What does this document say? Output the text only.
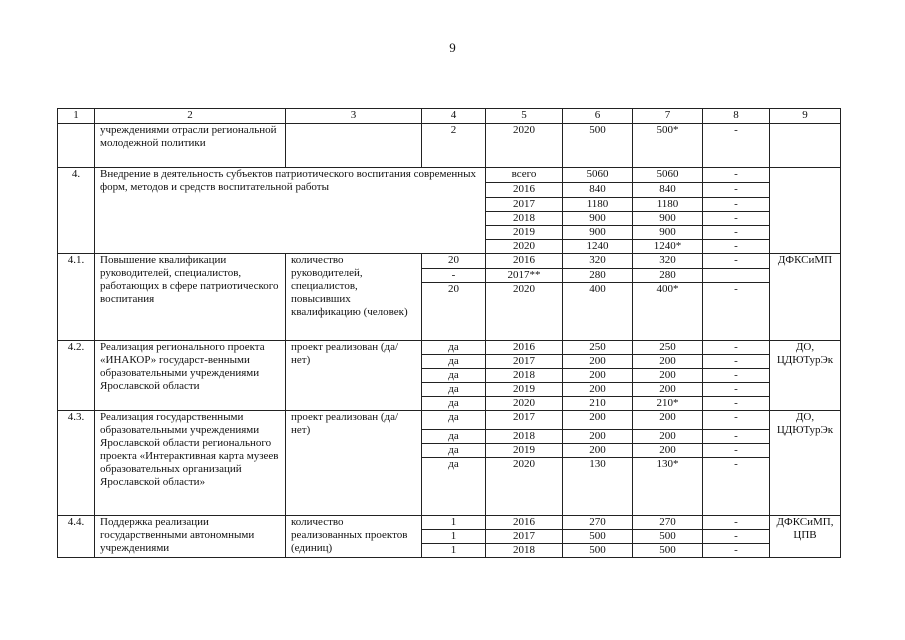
9
1	2	3	4	5	6	7	8	9
	учреждениями отрасли региональной молодежной политики		2	2020	500	500*	-	
4.	Внедрение в деятельность субъектов патриотического воспитания современных форм, методов и средств воспитательной работы			всего	5060	5060	-	
				2016	840	840	-	
				2017	1180	1180	-	
				2018	900	900	-	
				2019	900	900	-	
				2020	1240	1240*	-	
4.1.	Повышение квалификации руководителей, специалистов, работающих в сфере патриотического воспитания	количество руководителей, специалистов, повысивших квалификацию (человек)	20	2016	320	320	-	ДФКСиМП
			-	2017**	280	280		
			20	2020	400	400*	-	
4.2.	Реализация регионального проекта «ИНАКОР» государст-венными образовательными учреждениями Ярославской области	проект реализован (да/нет)	да	2016	250	250	-	ДО, ЦДЮТурЭк
			да	2017	200	200	-	
			да	2018	200	200	-	
			да	2019	200	200	-	
			да	2020	210	210*	-	
4.3.	Реализация государственными образовательными учреждениями Ярославской области регионального проекта «Интерактивная карта музеев образовательных организаций Ярославской области»	проект реализован (да/нет)	да	2017	200	200	-	ДО, ЦДЮТурЭк
			да	2018	200	200	-	
			да	2019	200	200	-	
			да	2020	130	130*	-	
4.4.	Поддержка реализации государственными автономными учреждениями	количество реализованных проектов (единиц)	1	2016	270	270	-	ДФКСиМП, ЦПВ
			1	2017	500	500	-	
			1	2018	500	500	-	
